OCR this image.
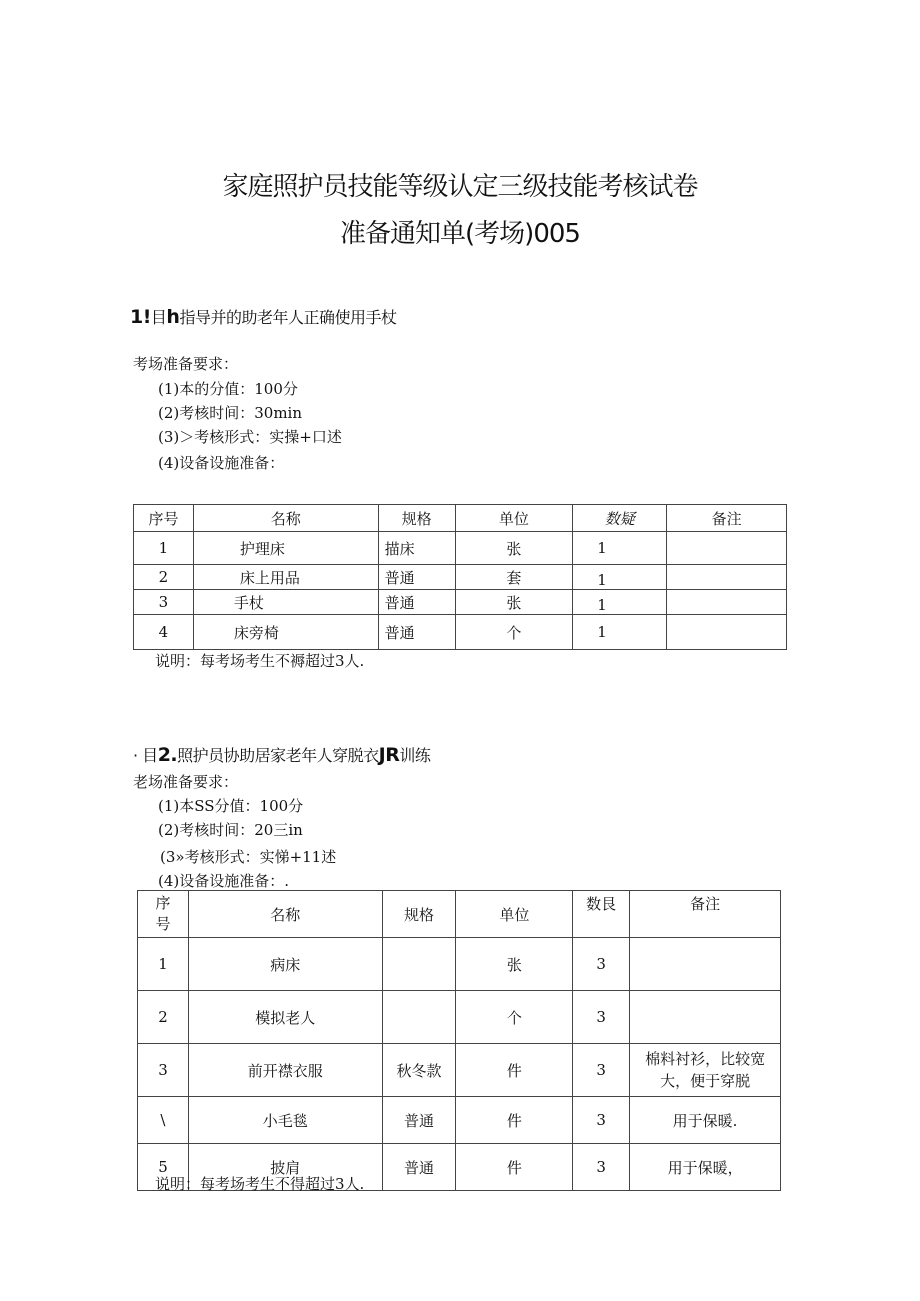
家庭照护员技能等级认定三级技能考核试卷
准备通知单(考场)005
1!目h指导并的助老年人正确使用手杖
考场准备要求：
(1)本的分值：100分
(2)考核时间：30min
(3)＞考核形式：实操+口述
(4)设备设施准备：
序号	名称	规格	单位	数疑	备注
1	护理床	描床	张	1	
2	床上用品	普通	套	1	
3	手杖	普通	张	1	
4	床旁椅	普通	个	1	
说明：每考场考生不褥超过3人.
· 目2.照护员协助居家老年人穿脱衣JR训练
老场准备要求：
(1)本SS分值：100分
(2)考核时间：20三in
(3»考核形式：实悌+11述
(4)设备设施准备：.
序
号	名称	规格	单位	数艮	备注
1	病床		张	3	
2	模拟老人		个	3	
3	前开襟衣服	秋冬款	件	3	棉料衬衫，比较宽大，便于穿脱
\	小毛毯	普通	件	3	用于保暖.
5	披肩	普通	件	3	用于保暖，
说明：每考场考生不得超过3人.
